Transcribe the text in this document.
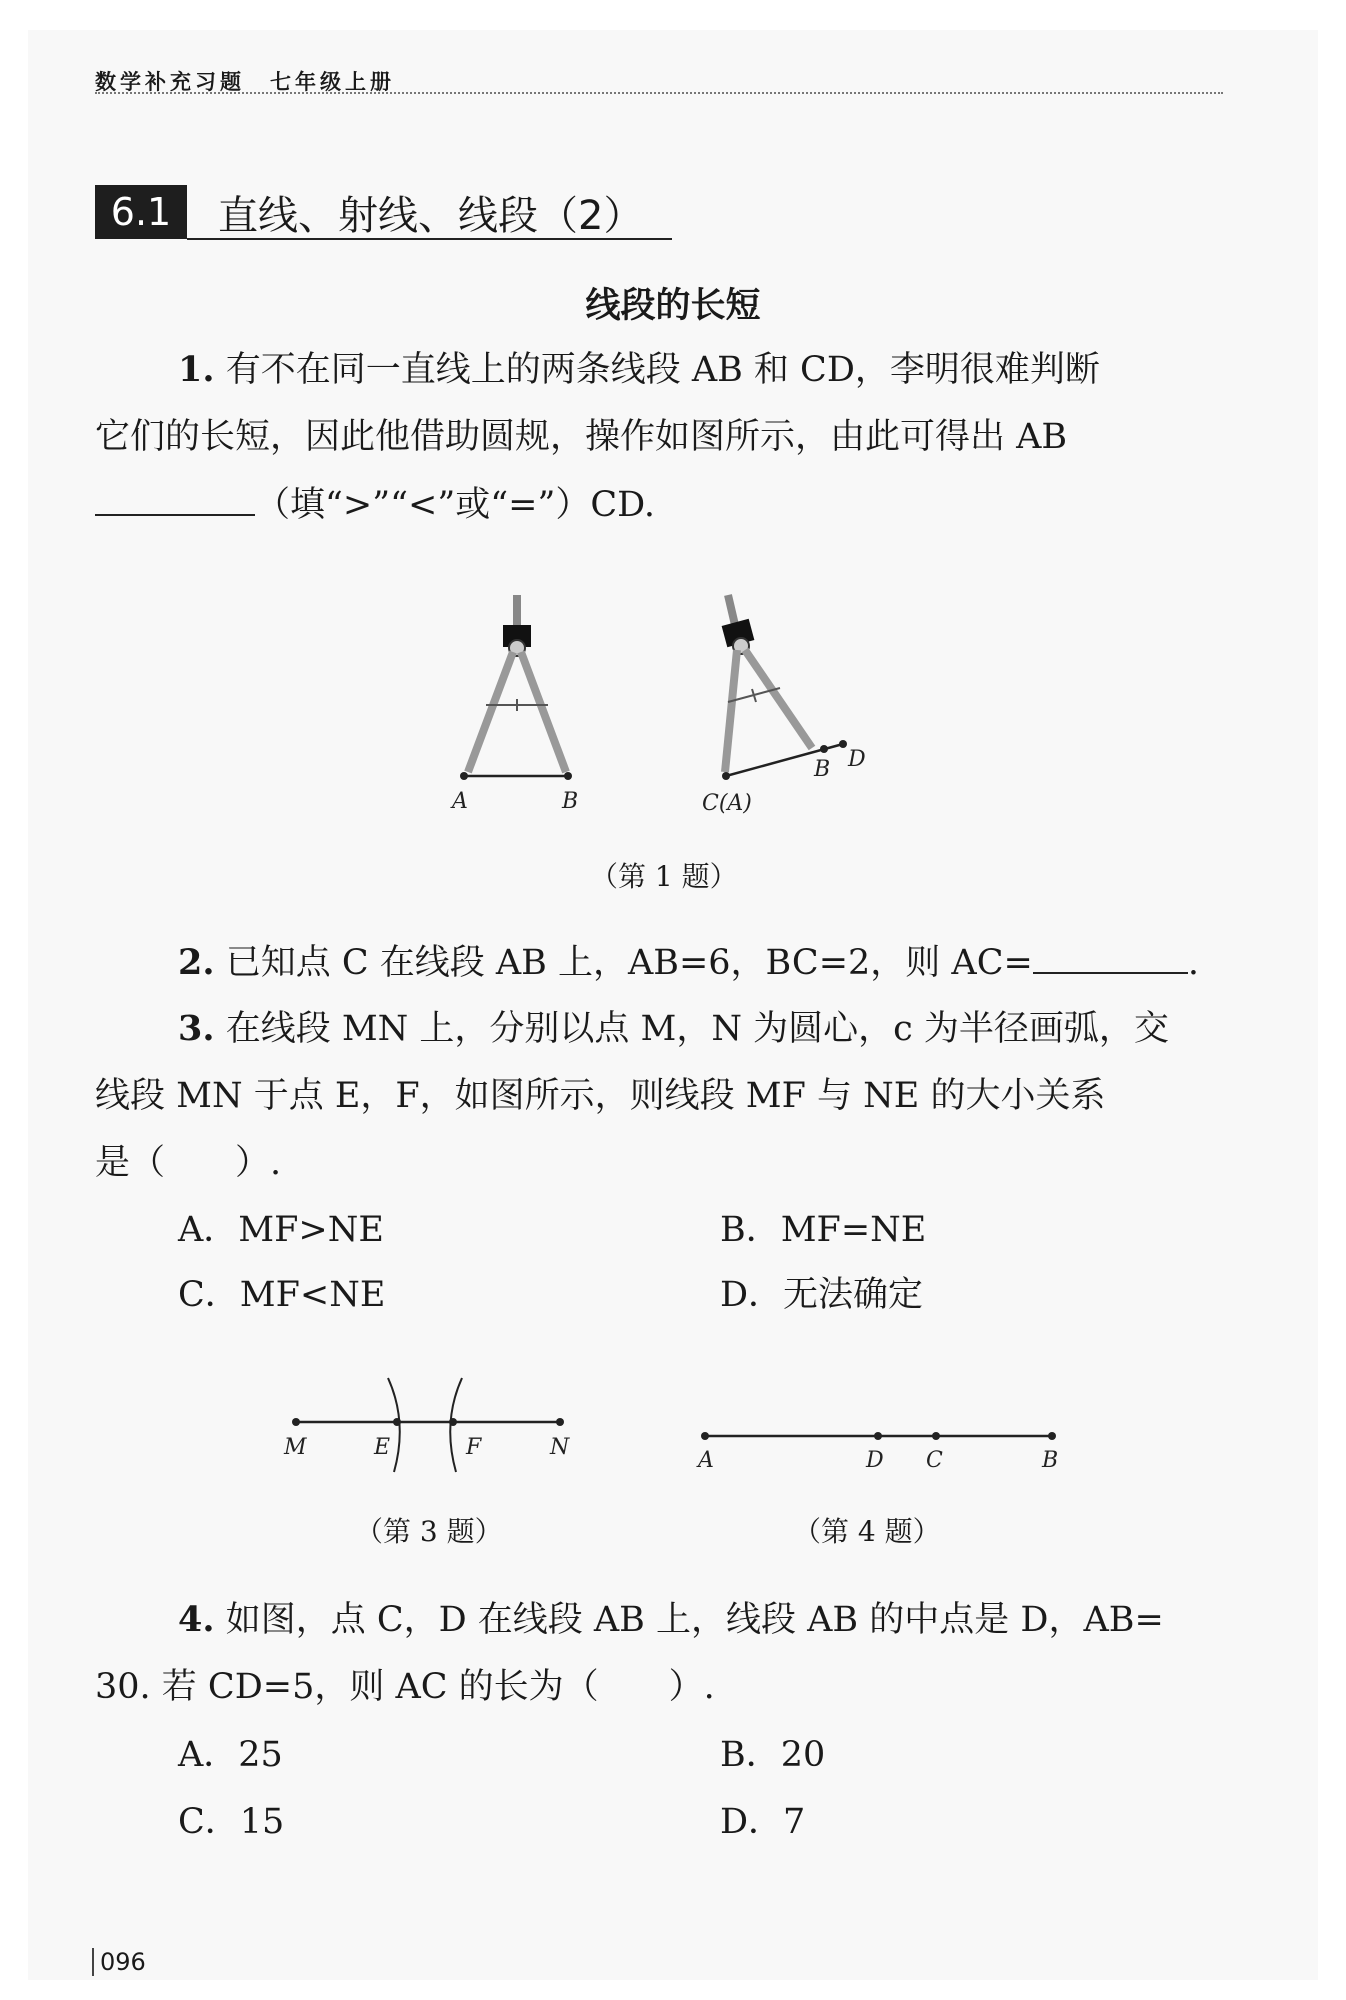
数学补充习题　七年级上册
6.1	直线、射线、线段（2）
线段的长短
1. 有不在同一直线上的两条线段 AB 和 CD，李明很难判断
它们的长短，因此他借助圆规，操作如图所示，由此可得出 AB
（填“>”“<”或“=”）CD.
A	B	C(A)
B D
（第 1 题）
2. 已知点 C 在线段 AB 上，AB=6，BC=2，则 AC=	.
3. 在线段 MN 上，分别以点 M，N 为圆心，c 为半径画弧，交
线段 MN 于点 E，F，如图所示，则线段 MF 与 NE 的大小关系
是（　　）.
A．MF>NE	B．MF=NE
C．MF<NE	D．无法确定
M	E	F	N
（第 3 题）
A	D C	B
（第 4 题）
4. 如图，点 C，D 在线段 AB 上，线段 AB 的中点是 D，AB=
30. 若 CD=5，则 AC 的长为（　　）.
A．25	B．20
C．15	D．7
096
